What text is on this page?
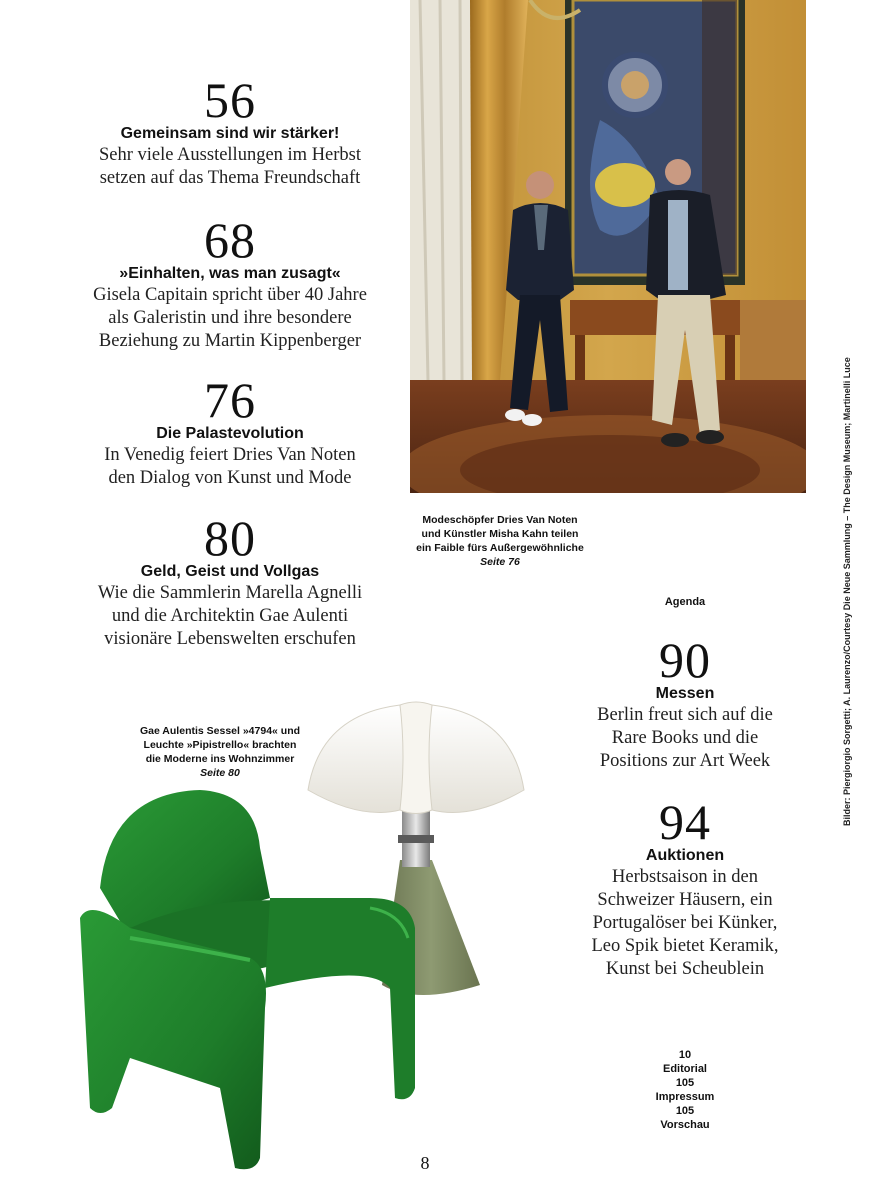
56
Gemeinsam sind wir stärker!
Sehr viele Ausstellungen im Herbst
setzen auf das Thema Freundschaft
68
»Einhalten, was man zusagt«
Gisela Capitain spricht über 40 Jahre
als Galeristin und ihre besondere
Beziehung zu Martin Kippenberger
76
Die Palastevolution
In Venedig feiert Dries Van Noten
den Dialog von Kunst und Mode
80
Geld, Geist und Vollgas
Wie die Sammlerin Marella Agnelli
und die Architektin Gae Aulenti
visionäre Lebenswelten erschufen	Bilder: Piergiorgio Sorgetti; A. Laurenzo/Courtesy Die Neue Sammlung – The Design Museum; Martinelli Luce
Modeschöpfer Dries Van Noten
und Künstler Misha Kahn teilen
ein Faible fürs Außergewöhnliche
Seite 76
Agenda
90
Messen
Berlin freut sich auf die
Rare Books und die
Positions zur Art Week
94
Auktionen
Herbstsaison in den
Schweizer Häusern, ein
Portugalöser bei Künker,
Leo Spik bietet Keramik,
Kunst bei Scheublein
Gae Aulentis Sessel »4794« und
Leuchte »Pipistrello« brachten
die Moderne ins Wohnzimmer
Seite 80
10
Editorial
105
Impressum
105
Vorschau
8
